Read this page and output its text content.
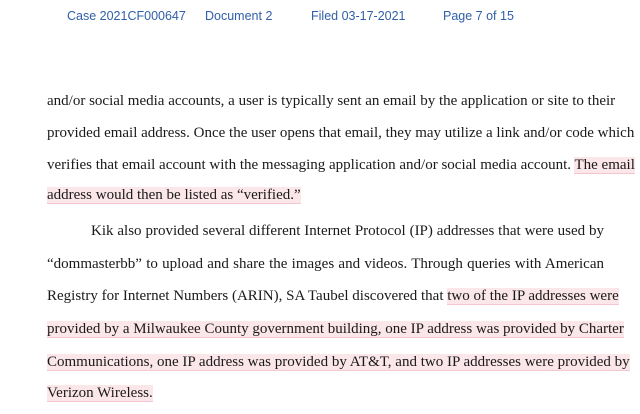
Case 2021CF000647 Document 2	Filed 03-17-2021	Page 7 of 15
and/or social media accounts, a user is typically sent an email by the application or site to their
provided email address. Once the user opens that email, they may utilize a link and/or code which
verifies that email account with the messaging application and/or social media account. The email
address would then be listed as “verified.”
Kik also provided several different Internet Protocol (IP) addresses that were used by
“dommasterbb” to upload and share the images and videos. Through queries with American
Registry for Internet Numbers (ARIN), SA Taubel discovered that two of the IP addresses were
provided by a Milwaukee County government building, one IP address was provided by Charter
Communications, one IP address was provided by AT&T, and two IP addresses were provided by
Verizon Wireless.
